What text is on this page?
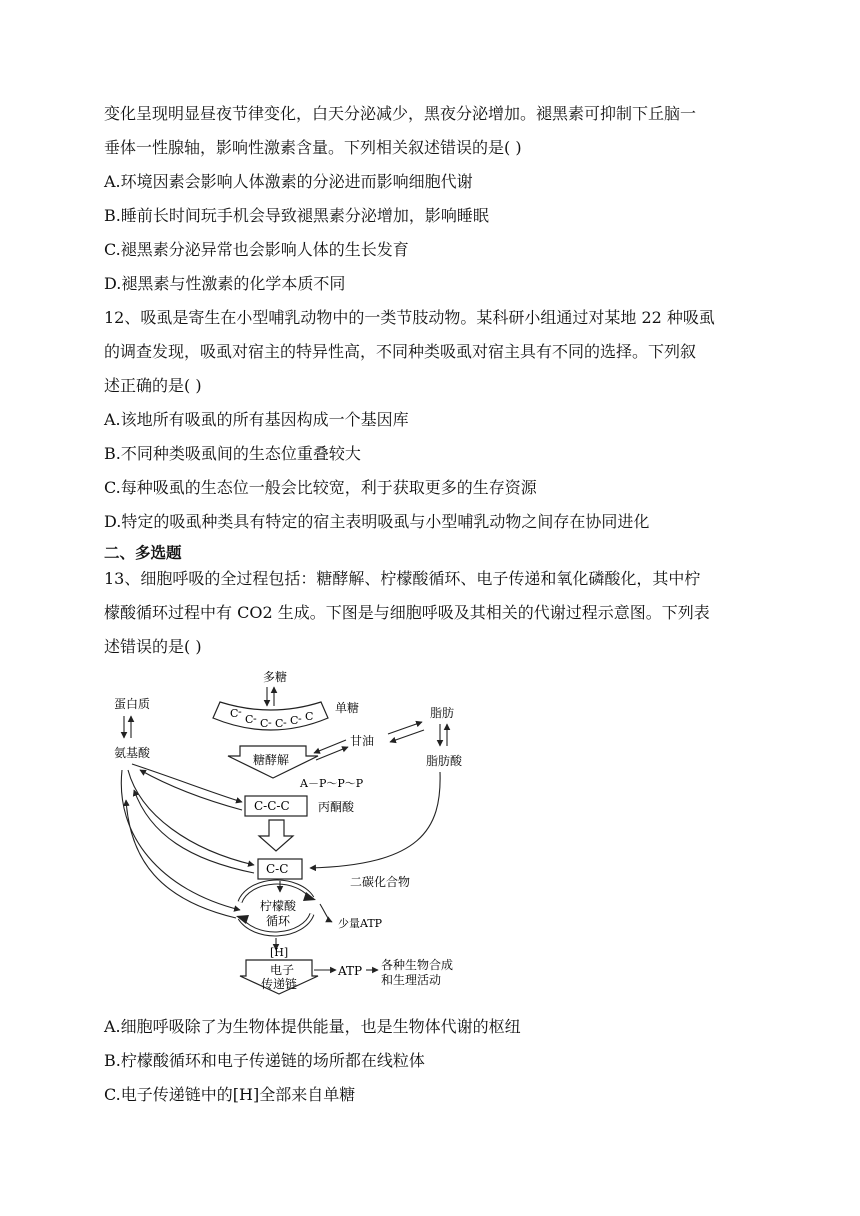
变化呈现明显昼夜节律变化，白天分泌减少，黑夜分泌增加。褪黑素可抑制下丘脑一
垂体一性腺轴，影响性激素含量。下列相关叙述错误的是( )
A.环境因素会影响人体激素的分泌进而影响细胞代谢
B.睡前长时间玩手机会导致褪黑素分泌增加，影响睡眠
C.褪黑素分泌异常也会影响人体的生长发育
D.褪黑素与性激素的化学本质不同
12、吸虱是寄生在小型哺乳动物中的一类节肢动物。某科研小组通过对某地 22 种吸虱
的调查发现，吸虱对宿主的特异性高，不同种类吸虱对宿主具有不同的选择。下列叙
述正确的是( )
A.该地所有吸虱的所有基因构成一个基因库
B.不同种类吸虱间的生态位重叠较大
C.每种吸虱的生态位一般会比较宽，利于获取更多的生存资源
D.特定的吸虱种类具有特定的宿主表明吸虱与小型哺乳动物之间存在协同进化
二、多选题
13、细胞呼吸的全过程包括：糖酵解、柠檬酸循环、电子传递和氧化磷酸化，其中柠
檬酸循环过程中有 CO2 生成。下图是与细胞呼吸及其相关的代谢过程示意图。下列表
述错误的是( )
多糖
C -
C - C - C - C - C
单糖
蛋白质
氨基酸
脂肪
脂肪酸
甘油
糖酵解
A－P～P～P
C-C-C 丙酮酸
C-C
二碳化合物
柠檬酸
循环	少量ATP
[H]
电子
传递链
ATP 各种生物合成
和生理活动
A.细胞呼吸除了为生物体提供能量，也是生物体代谢的枢纽
B.柠檬酸循环和电子传递链的场所都在线粒体
C.电子传递链中的[H]全部来自单糖
